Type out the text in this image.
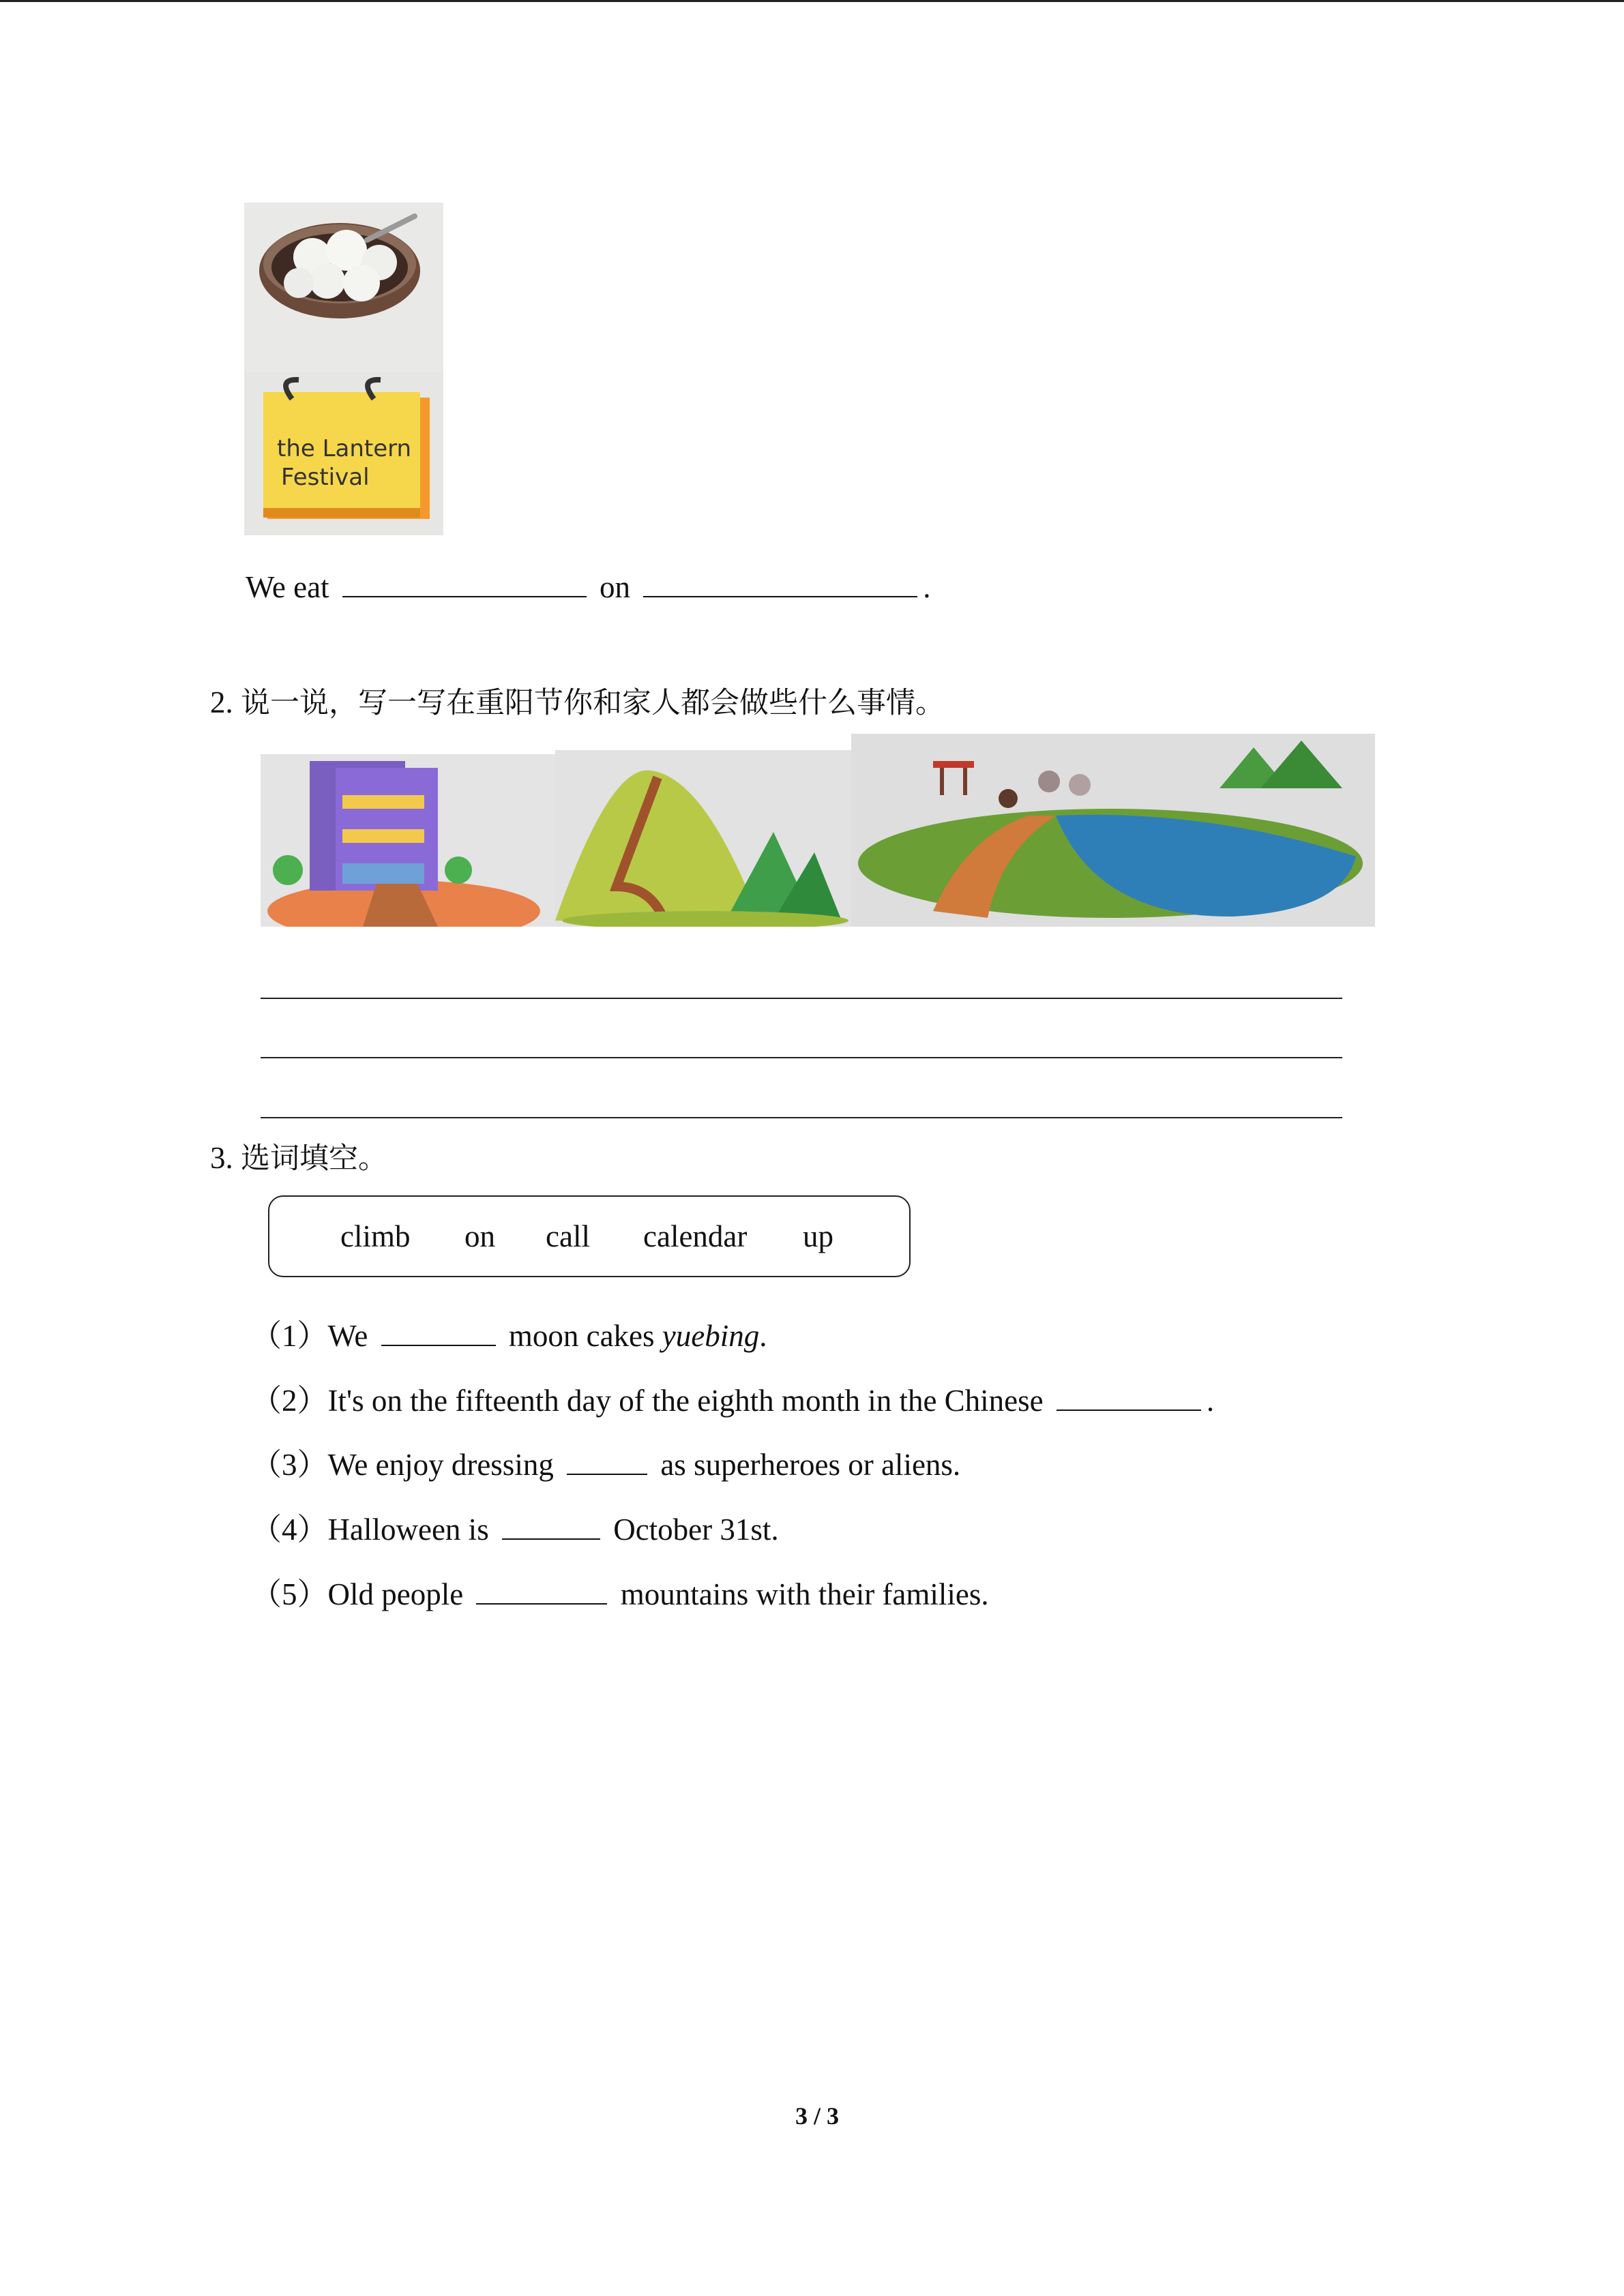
the Lantern
Festival
We eat	on	.
2. 说一说，写一写在重阳节你和家人都会做些什么事情。
3. 选词填空。
climb on call calendar up
（1）We	moon cakes yuebing.
（2）It's on the fifteenth day of the eighth month in the Chinese	.
（3）We enjoy dressing	as superheroes or aliens.
（4）Halloween is	October 31st.
（5）Old people	mountains with their families.
3 / 3
